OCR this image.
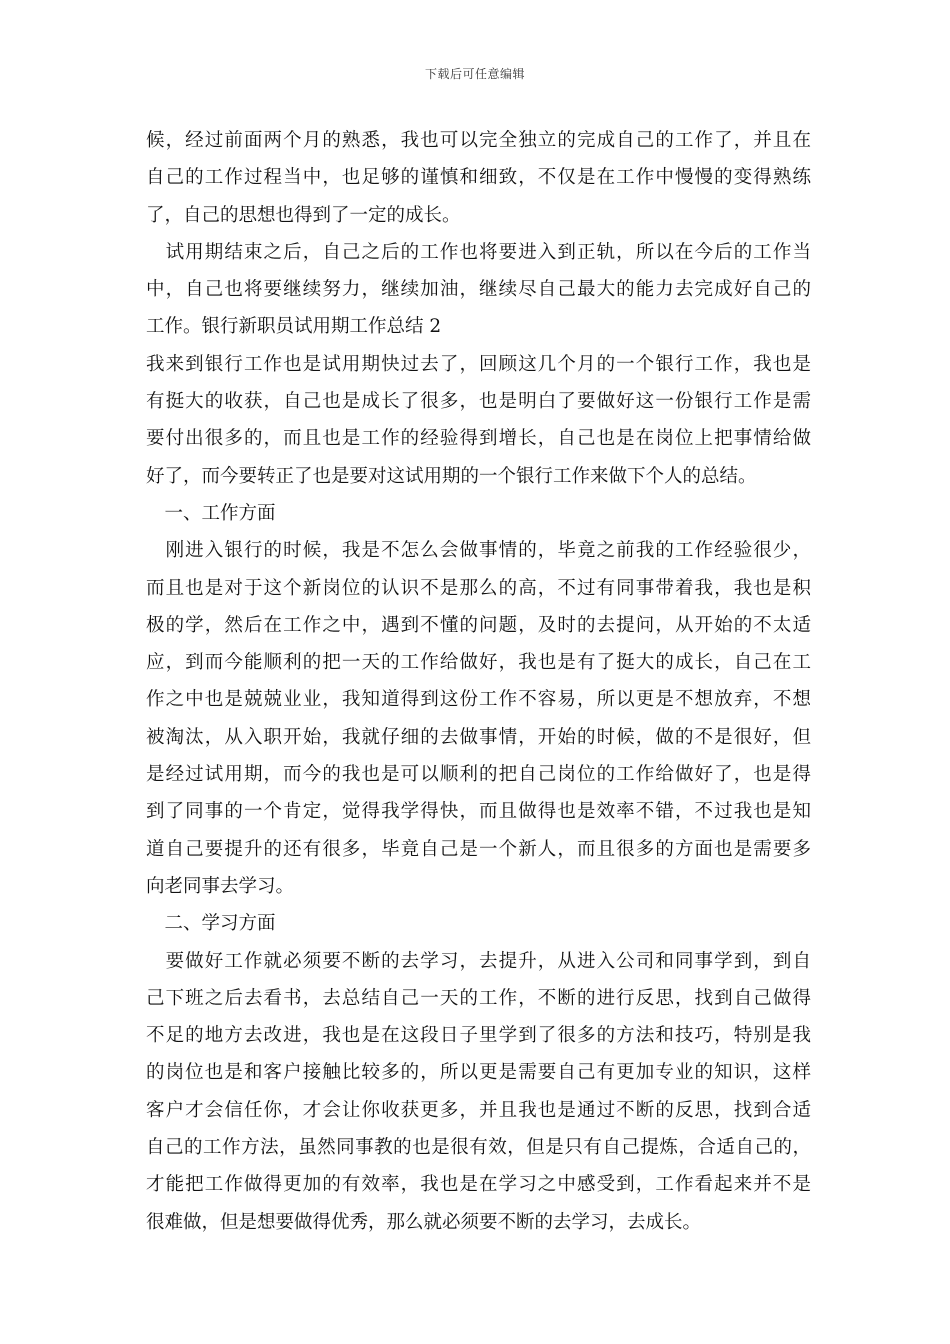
下载后可任意编辑
候，经过前面两个月的熟悉，我也可以完全独立的完成自己的工作了，并且在
自己的工作过程当中，也足够的谨慎和细致，不仅是在工作中慢慢的变得熟练
了，自己的思想也得到了一定的成长。
　试用期结束之后，自己之后的工作也将要进入到正轨，所以在今后的工作当
中，自己也将要继续努力，继续加油，继续尽自己最大的能力去完成好自己的
工作。银行新职员试用期工作总结 2
我来到银行工作也是试用期快过去了，回顾这几个月的一个银行工作，我也是
有挺大的收获，自己也是成长了很多，也是明白了要做好这一份银行工作是需
要付出很多的，而且也是工作的经验得到增长，自己也是在岗位上把事情给做
好了，而今要转正了也是要对这试用期的一个银行工作来做下个人的总结。
　一、工作方面
　刚进入银行的时候，我是不怎么会做事情的，毕竟之前我的工作经验很少，
而且也是对于这个新岗位的认识不是那么的高，不过有同事带着我，我也是积
极的学，然后在工作之中，遇到不懂的问题，及时的去提问，从开始的不太适
应，到而今能顺利的把一天的工作给做好，我也是有了挺大的成长，自己在工
作之中也是兢兢业业，我知道得到这份工作不容易，所以更是不想放弃，不想
被淘汰，从入职开始，我就仔细的去做事情，开始的时候，做的不是很好，但
是经过试用期，而今的我也是可以顺利的把自己岗位的工作给做好了，也是得
到了同事的一个肯定，觉得我学得快，而且做得也是效率不错，不过我也是知
道自己要提升的还有很多，毕竟自己是一个新人，而且很多的方面也是需要多
向老同事去学习。
　二、学习方面
　要做好工作就必须要不断的去学习，去提升，从进入公司和同事学到，到自
己下班之后去看书，去总结自己一天的工作，不断的进行反思，找到自己做得
不足的地方去改进，我也是在这段日子里学到了很多的方法和技巧，特别是我
的岗位也是和客户接触比较多的，所以更是需要自己有更加专业的知识，这样
客户才会信任你，才会让你收获更多，并且我也是通过不断的反思，找到合适
自己的工作方法，虽然同事教的也是很有效，但是只有自己提炼，合适自己的，
才能把工作做得更加的有效率，我也是在学习之中感受到，工作看起来并不是
很难做，但是想要做得优秀，那么就必须要不断的去学习，去成长。
